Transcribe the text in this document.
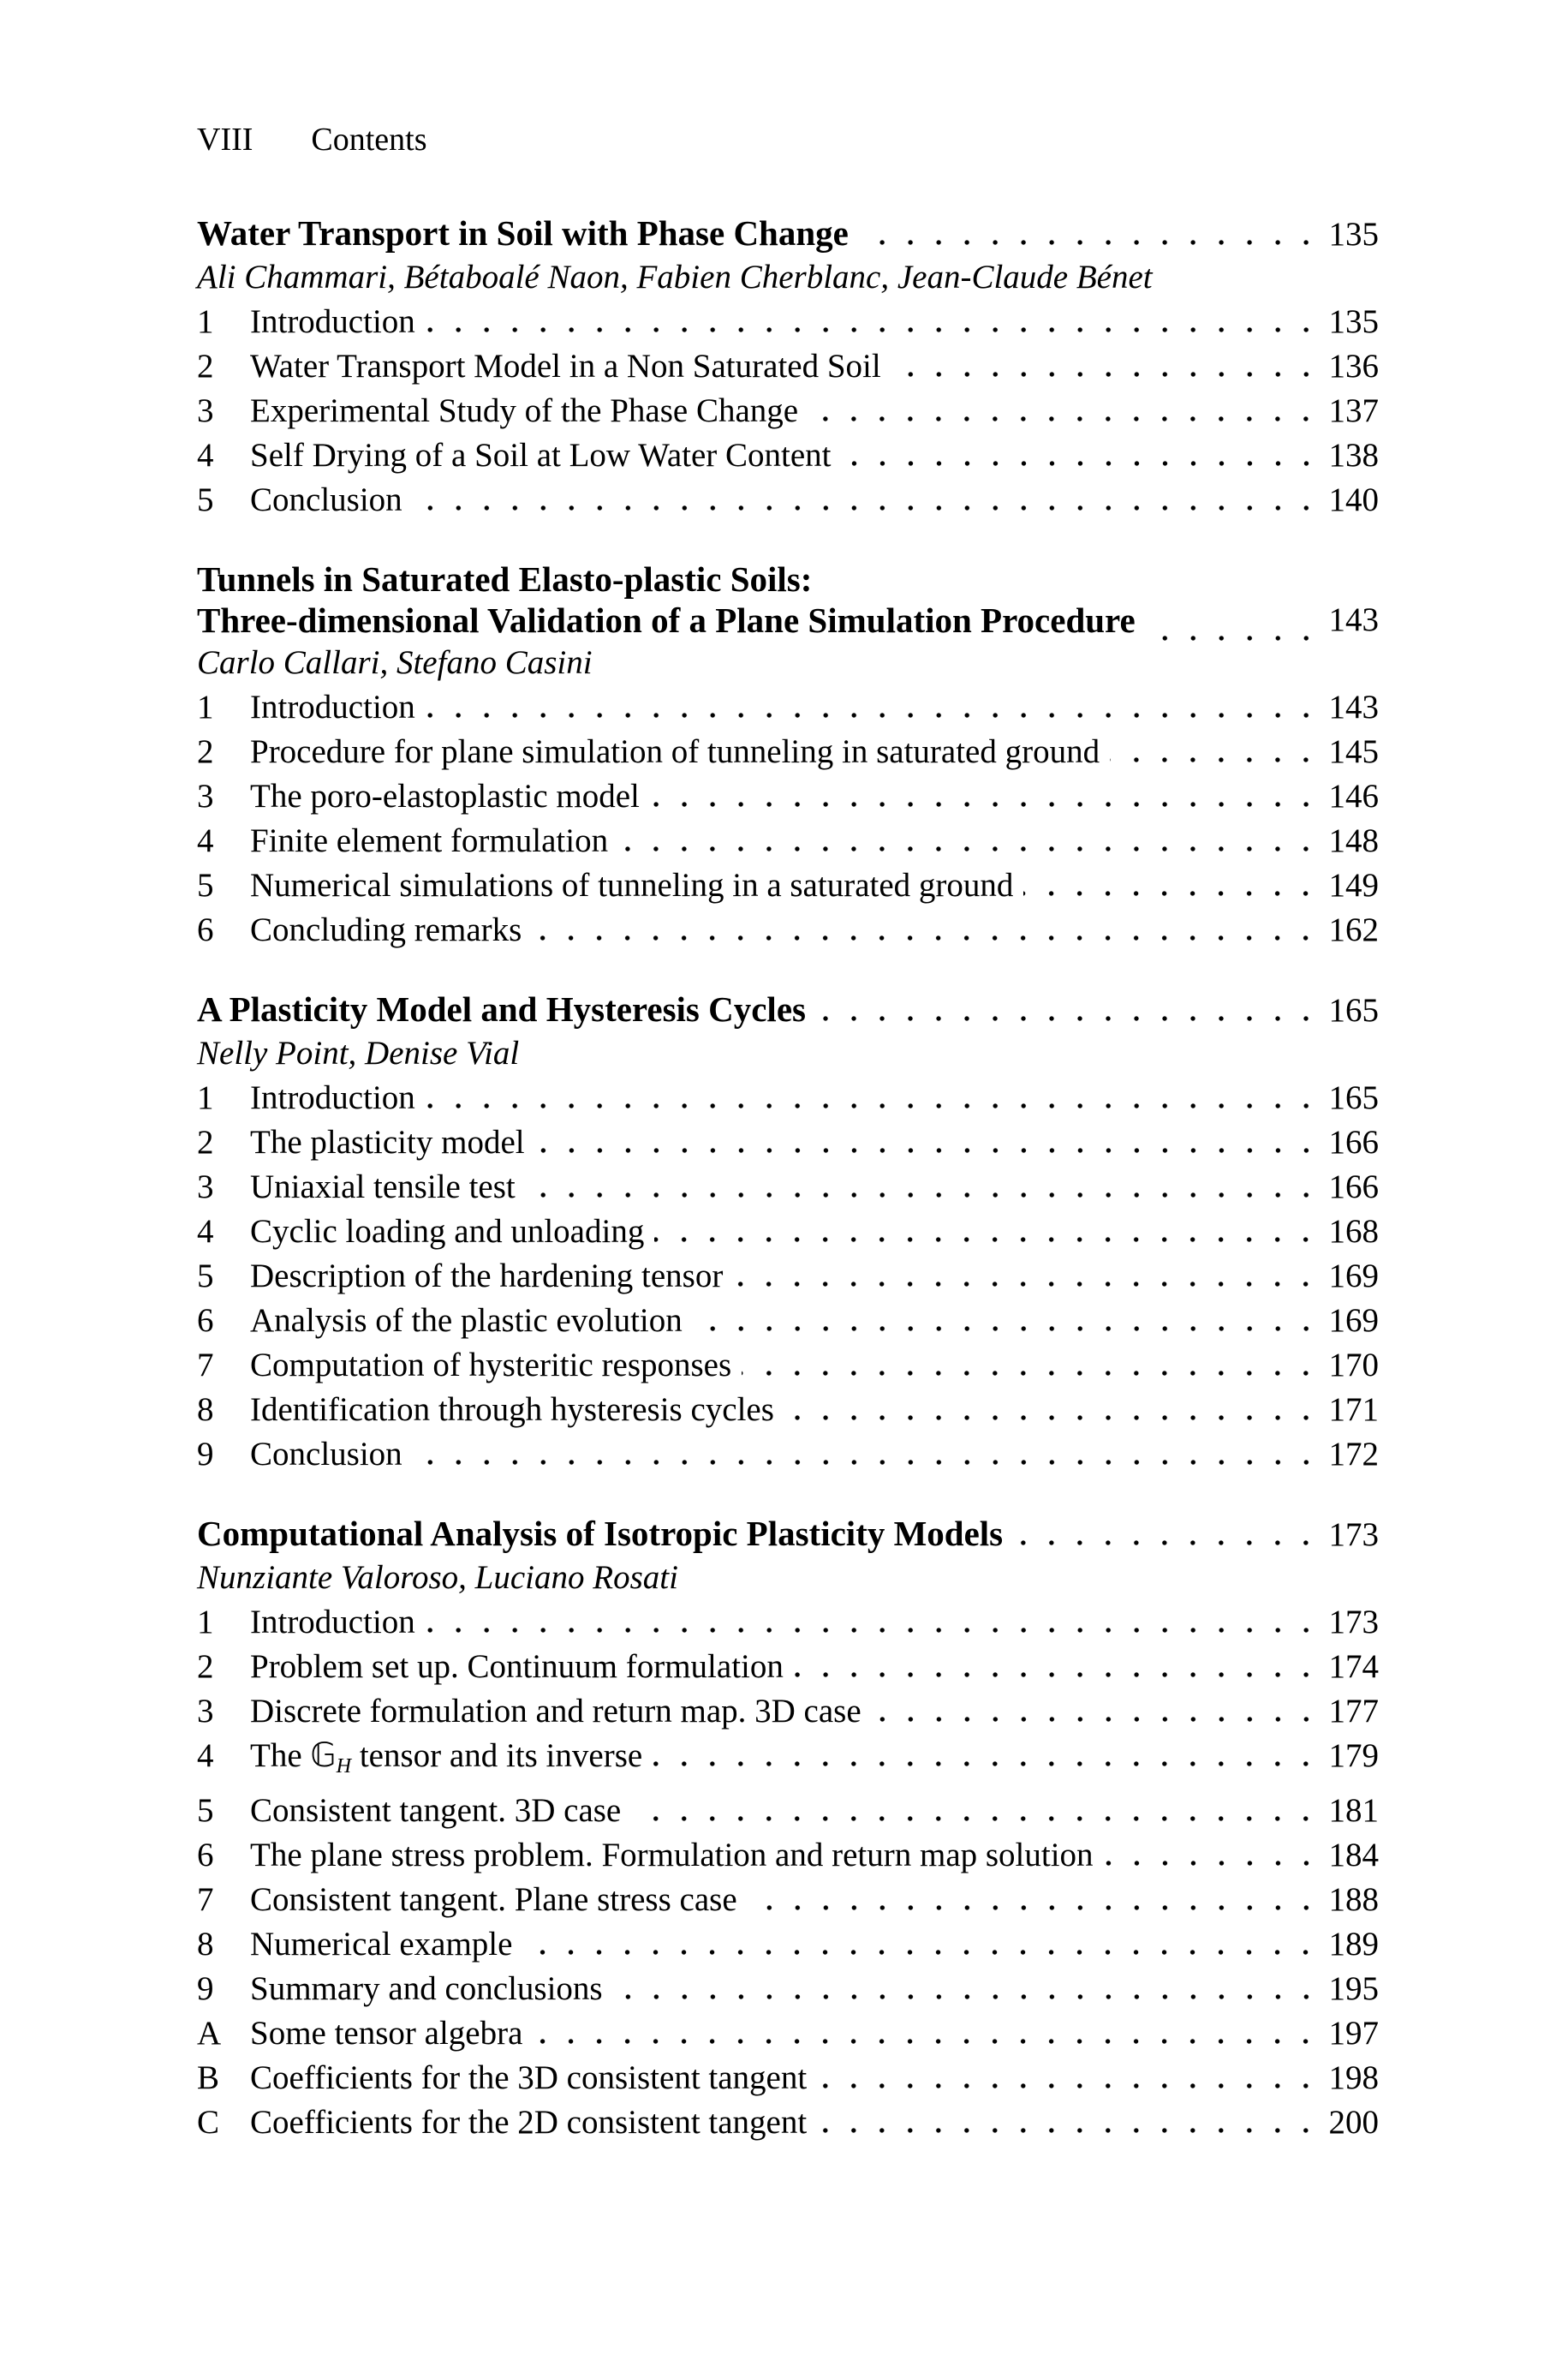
VIII Contents
Water Transport in Soil with Phase Change	135
Ali Chammari, Bétaboalé Naon, Fabien Cherblanc, Jean-Claude Bénet
1	Introduction	135
2	Water Transport Model in a Non Saturated Soil	136
3	Experimental Study of the Phase Change	137
4	Self Drying of a Soil at Low Water Content	138
5	Conclusion	140
Tunnels in Saturated Elasto-plastic Soils:
Three-dimensional Validation of a Plane Simulation Procedure	143
Carlo Callari, Stefano Casini
1	Introduction	143
2	Procedure for plane simulation of tunneling in saturated ground	145
3	The poro-elastoplastic model	146
4	Finite element formulation	148
5	Numerical simulations of tunneling in a saturated ground	149
6	Concluding remarks	162
A Plasticity Model and Hysteresis Cycles	165
Nelly Point, Denise Vial
1	Introduction	165
2	The plasticity model	166
3	Uniaxial tensile test	166
4	Cyclic loading and unloading	168
5	Description of the hardening tensor	169
6	Analysis of the plastic evolution	169
7	Computation of hysteritic responses	170
8	Identification through hysteresis cycles	171
9	Conclusion	172
Computational Analysis of Isotropic Plasticity Models	173
Nunziante Valoroso, Luciano Rosati
1	Introduction	173
2	Problem set up. Continuum formulation	174
3	Discrete formulation and return map. 3D case	177
4	The 𝔾$_H$ tensor and its inverse	179
5	Consistent tangent. 3D case	181
6	The plane stress problem. Formulation and return map solution	184
7	Consistent tangent. Plane stress case	188
8	Numerical example	189
9	Summary and conclusions	195
A Some tensor algebra	197
B Coefficients for the 3D consistent tangent	198
C Coefficients for the 2D consistent tangent	200
